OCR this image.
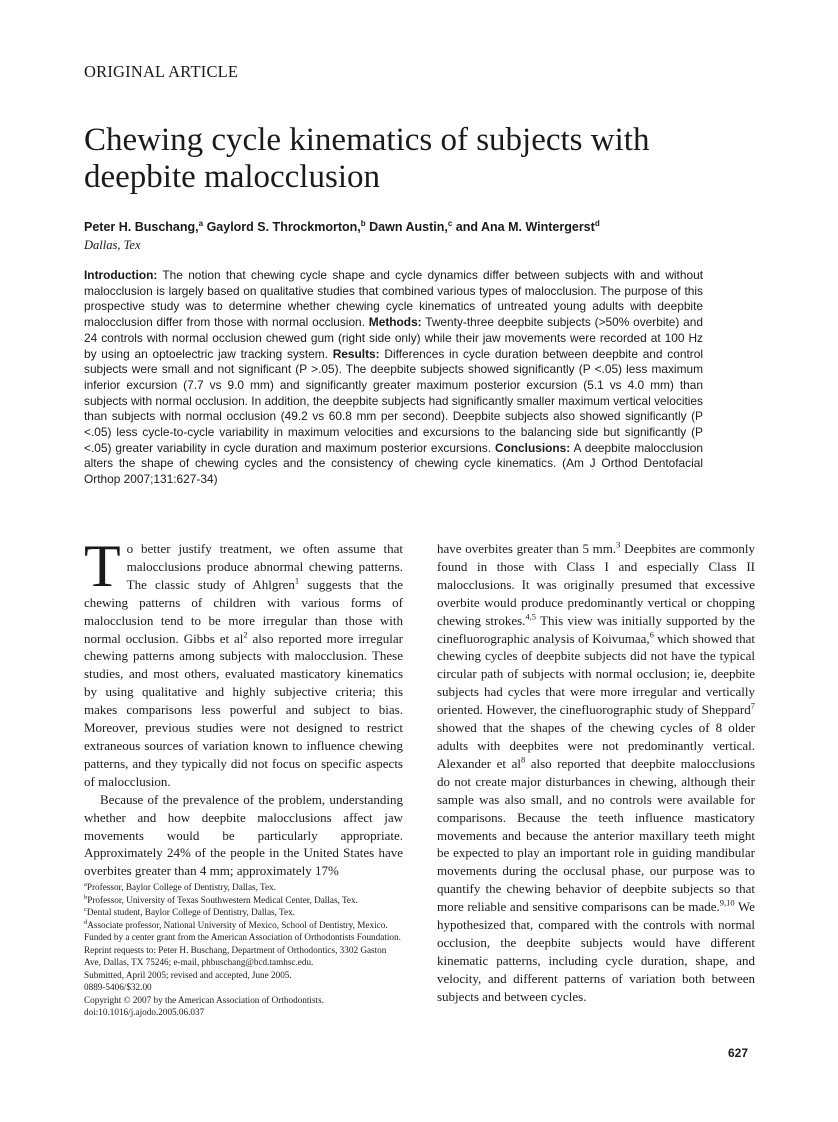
ORIGINAL ARTICLE
Chewing cycle kinematics of subjects with deepbite malocclusion
Peter H. Buschang,$^a$ Gaylord S. Throckmorton,$^b$ Dawn Austin,$^c$ and Ana M. Wintergerst$^d$
Dallas, Tex

Introduction: The notion that chewing cycle shape and cycle dynamics differ between subjects with and without malocclusion is largely based on qualitative studies that combined various types of malocclusion. The purpose of this prospective study was to determine whether chewing cycle kinematics of untreated young adults with deepbite malocclusion differ from those with normal occlusion. Methods: Twenty-three deepbite subjects (>50% overbite) and 24 controls with normal occlusion chewed gum (right side only) while their jaw movements were recorded at 100 Hz by using an optoelectric jaw tracking system. Results: Differences in cycle duration between deepbite and control subjects were small and not significant (P >.05). The deepbite subjects showed significantly (P <.05) less maximum inferior excursion (7.7 vs 9.0 mm) and significantly greater maximum posterior excursion (5.1 vs 4.0 mm) than subjects with normal occlusion. In addition, the deepbite subjects had significantly smaller maximum vertical velocities than subjects with normal occlusion (49.2 vs 60.8 mm per second). Deepbite subjects also showed significantly (P <.05) less cycle-to-cycle variability in maximum velocities and excursions to the balancing side but significantly (P <.05) greater variability in cycle duration and maximum posterior excursions. Conclusions: A deepbite malocclusion alters the shape of chewing cycles and the consistency of chewing cycle kinematics. (Am J Orthod Dentofacial Orthop 2007;131:627-34)

To better justify treatment, we often assume that malocclusions produce abnormal chewing patterns. The classic study of Ahlgren$^1$ suggests that the chewing patterns of children with various forms of malocclusion tend to be more irregular than those with normal occlusion. Gibbs et $al^2$ also reported more irregular chewing patterns among subjects with malocclusion. These studies, and most others, evaluated masticatory kinematics by using qualitative and highly subjective criteria; this makes comparisons less powerful and subject to bias. Moreover, previous studies were not designed to restrict extraneous sources of variation known to influence chewing patterns, and they typically did not focus on specific aspects of malocclusion.

Because of the prevalence of the problem, understanding whether and how deepbite malocclusions affect jaw movements would be particularly appropriate. Approximately 24% of the people in the United States have overbites greater than 4 mm; approximately 17%

$^a$Professor, Baylor College of Dentistry, Dallas, Tex.
$^b$Professor, University of Texas Southwestern Medical Center, Dallas, Tex.
$^c$Dental student, Baylor College of Dentistry, Dallas, Tex.
$^d$Associate professor, National University of Mexico, School of Dentistry, Mexico.
Funded by a center grant from the American Association of Orthodontists Foundation.
Reprint requests to: Peter H. Buschang, Department of Orthodontics, 3302 Gaston Ave, Dallas, TX 75246; e-mail, phbuschang@bcd.tamhsc.edu.
Submitted, April 2005; revised and accepted, June 2005.
0889-5406/$32.00
Copyright © 2007 by the American Association of Orthodontists.
doi:10.1016/j.ajodo.2005.06.037

have overbites greater than 5 mm.$^3$ Deepbites are commonly found in those with Class I and especially Class II malocclusions. It was originally presumed that excessive overbite would produce predominantly vertical or chopping chewing strokes.$^{4,5}$ This view was initially supported by the cinefluorographic analysis of Koivumaa,$^6$ which showed that chewing cycles of deepbite subjects did not have the typical circular path of subjects with normal occlusion; ie, deepbite subjects had cycles that were more irregular and vertically oriented. However, the cinefluorographic study of Sheppard$^7$ showed that the shapes of the chewing cycles of 8 older adults with deepbites were not predominantly vertical. Alexander et $al^8$ also reported that deepbite malocclusions do not create major disturbances in chewing, although their sample was also small, and no controls were available for comparisons. Because the teeth influence masticatory movements and because the anterior maxillary teeth might be expected to play an important role in guiding mandibular movements during the occlusal phase, our purpose was to quantify the chewing behavior of deepbite subjects so that more reliable and sensitive comparisons can be made.$^{9,10}$ We hypothesized that, compared with the controls with normal occlusion, the deepbite subjects would have different kinematic patterns, including cycle duration, shape, and velocity, and different patterns of variation both between subjects and between cycles.

627
